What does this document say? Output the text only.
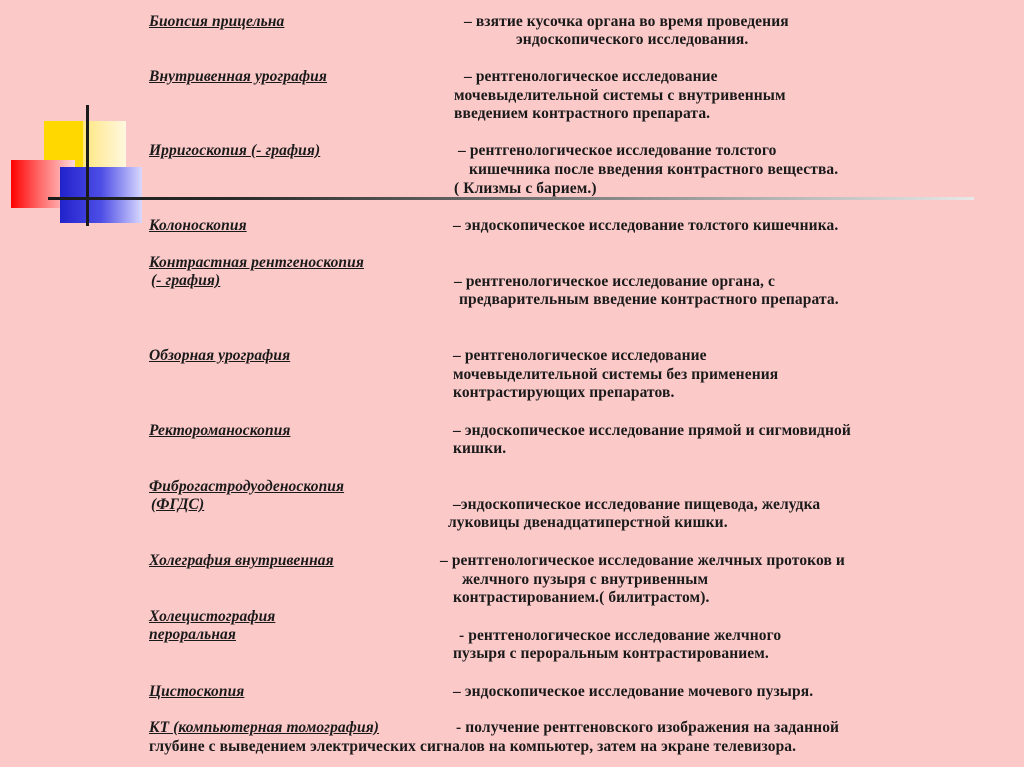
Биопсия прицельна	– взятие кусочка органа во время проведения
эндоскопического исследования.
Внутривенная урография	– рентгенологическое исследование
мочевыделительной системы с внутривенным
введением контрастного препарата.
Ирригоскопия (- графия)	– рентгенологическое исследование толстого
кишечника после введения контрастного вещества.
( Клизмы с барием.)
Колоноскопия	– эндоскопическое исследование толстого кишечника.
Контрастная рентгеноскопия
(- графия)	– рентгенологическое исследование органа, с
предварительным введение контрастного препарата.
Обзорная урография	– рентгенологическое исследование
мочевыделительной системы без применения
контрастирующих препаратов.
Ректороманоскопия	– эндоскопическое исследование прямой и сигмовидной
кишки.
Фиброгастродуоденоскопия
(ФГДС)	–эндоскопическое исследование пищевода, желудка
луковицы двенадцатиперстной кишки.
Холеграфия внутривенная	– рентгенологическое исследование желчных протоков и
желчного пузыря с внутривенным
контрастированием.( билитрастом).
Холецистография
пероральная	- рентгенологическое исследование желчного
пузыря с пероральным контрастированием.
Цистоскопия	– эндоскопическое исследование мочевого пузыря.
КТ (компьютерная томография)	- получение рентгеновского изображения на заданной
глубине с выведением электрических сигналов на компьютер, затем на экране телевизора.
